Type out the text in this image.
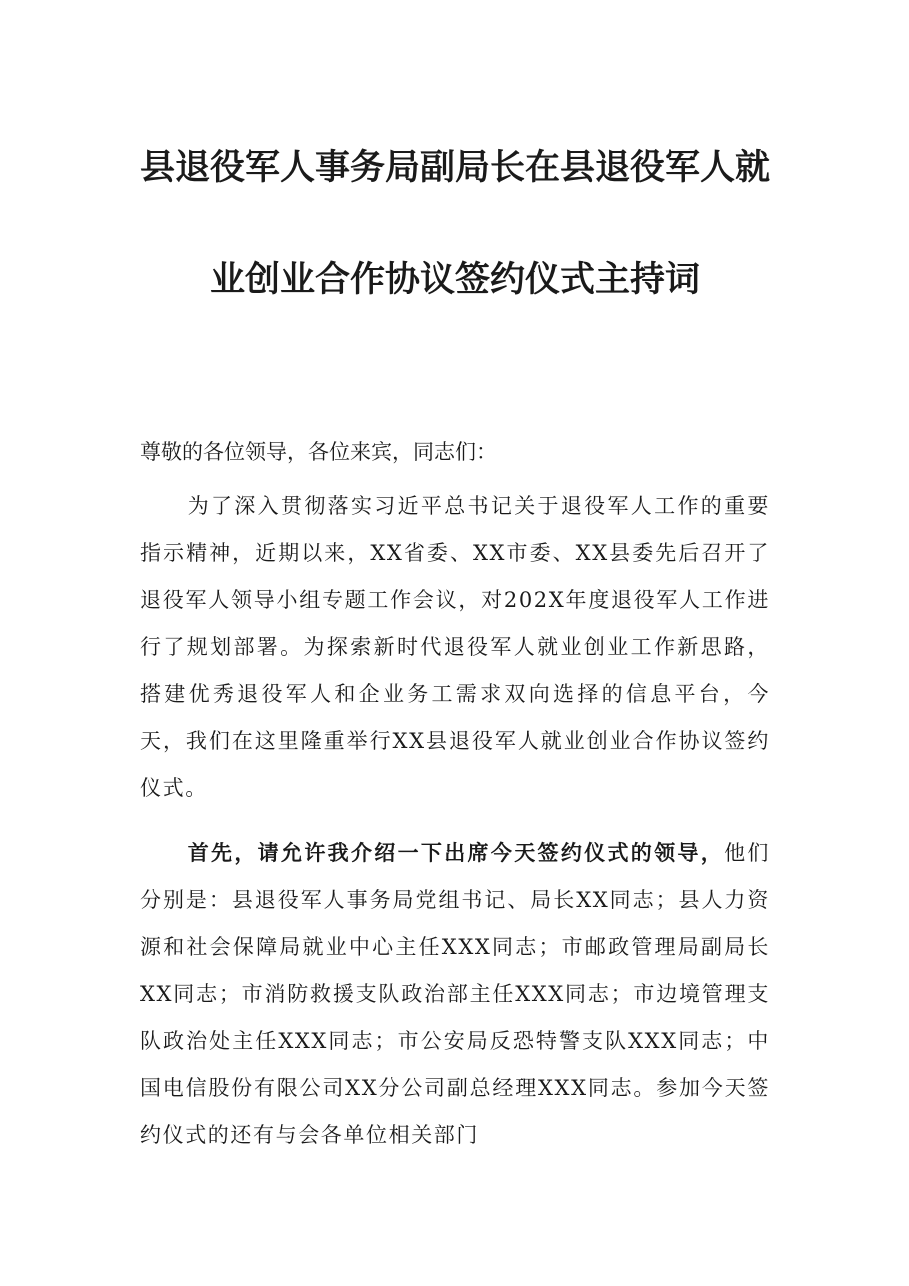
县退役军人事务局副局长在县退役军人就
业创业合作协议签约仪式主持词
尊敬的各位领导，各位来宾，同志们：
为了深入贯彻落实习近平总书记关于退役军人工作的重要指示精神，近期以来，XX省委、XX市委、XX县委先后召开了退役军人领导小组专题工作会议，对202X年度退役军人工作进行了规划部署。为探索新时代退役军人就业创业工作新思路，搭建优秀退役军人和企业务工需求双向选择的信息平台，今天，我们在这里隆重举行XX县退役军人就业创业合作协议签约仪式。
首先，请允许我介绍一下出席今天签约仪式的领导，他们分别是：县退役军人事务局党组书记、局长XX同志；县人力资源和社会保障局就业中心主任XXX同志；市邮政管理局副局长XX同志；市消防救援支队政治部主任XXX同志；市边境管理支队政治处主任XXX同志；市公安局反恐特警支队XXX同志；中国电信股份有限公司XX分公司副总经理XXX同志。参加今天签约仪式的还有与会各单位相关部门
